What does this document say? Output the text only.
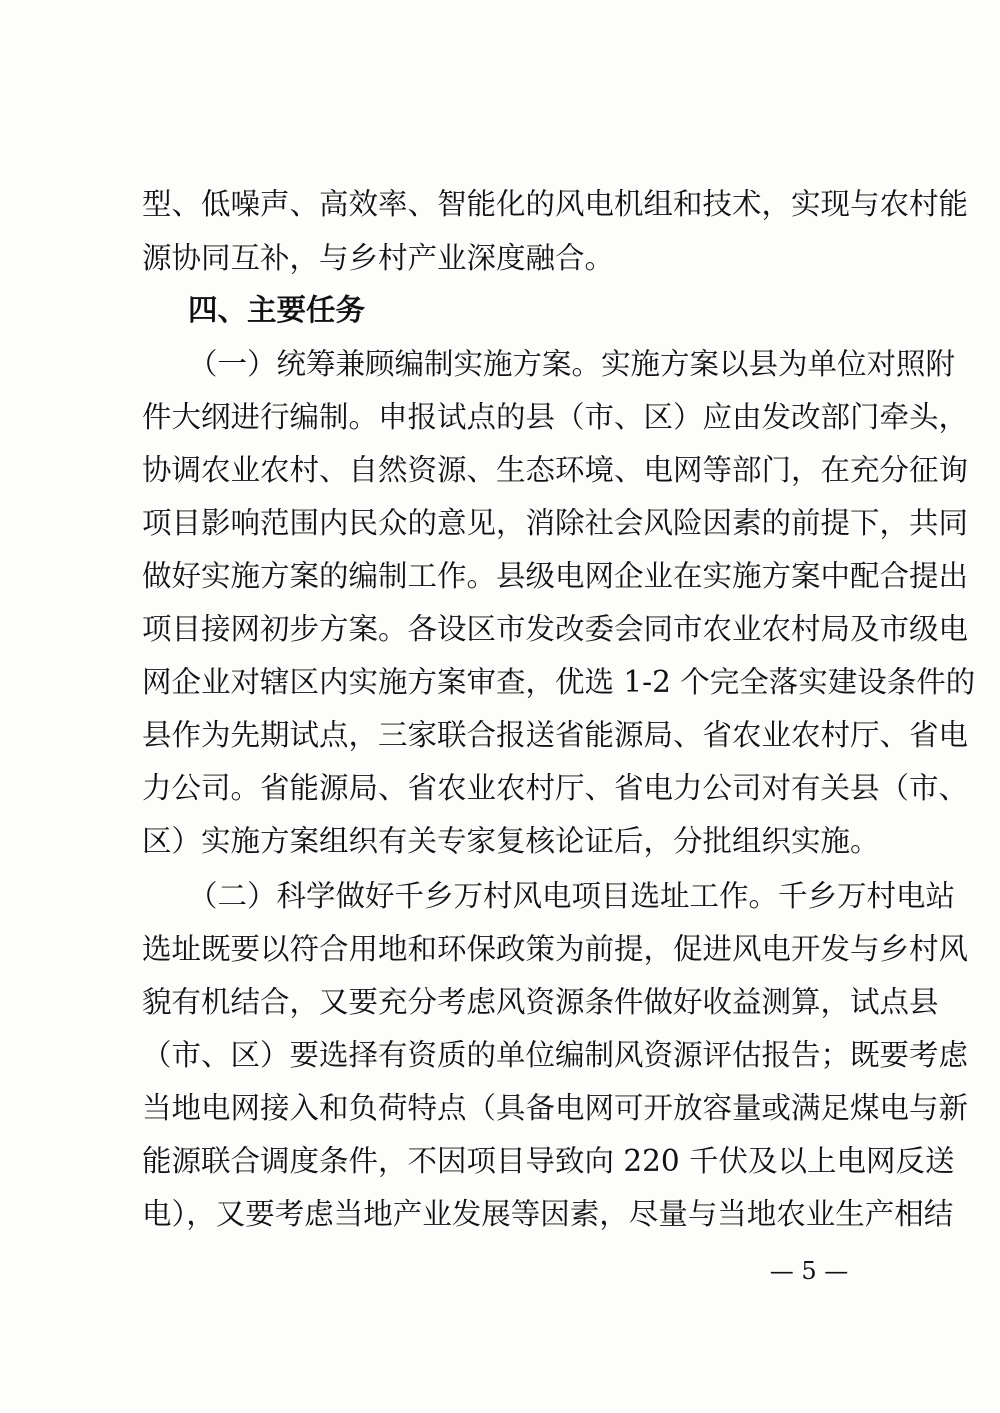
型、低噪声、高效率、智能化的风电机组和技术，实现与农村能
源协同互补，与乡村产业深度融合。
四、主要任务
（一）统筹兼顾编制实施方案。实施方案以县为单位对照附
件大纲进行编制。申报试点的县（市、区）应由发改部门牵头，
协调农业农村、自然资源、生态环境、电网等部门，在充分征询
项目影响范围内民众的意见，消除社会风险因素的前提下，共同
做好实施方案的编制工作。县级电网企业在实施方案中配合提出
项目接网初步方案。各设区市发改委会同市农业农村局及市级电
网企业对辖区内实施方案审查，优选 1-2 个完全落实建设条件的
县作为先期试点，三家联合报送省能源局、省农业农村厅、省电
力公司。省能源局、省农业农村厅、省电力公司对有关县（市、
区）实施方案组织有关专家复核论证后，分批组织实施。
（二）科学做好千乡万村风电项目选址工作。千乡万村电站
选址既要以符合用地和环保政策为前提，促进风电开发与乡村风
貌有机结合，又要充分考虑风资源条件做好收益测算，试点县
（市、区）要选择有资质的单位编制风资源评估报告；既要考虑
当地电网接入和负荷特点（具备电网可开放容量或满足煤电与新
能源联合调度条件，不因项目导致向 220 千伏及以上电网反送
电），又要考虑当地产业发展等因素，尽量与当地农业生产相结
— 5 —
